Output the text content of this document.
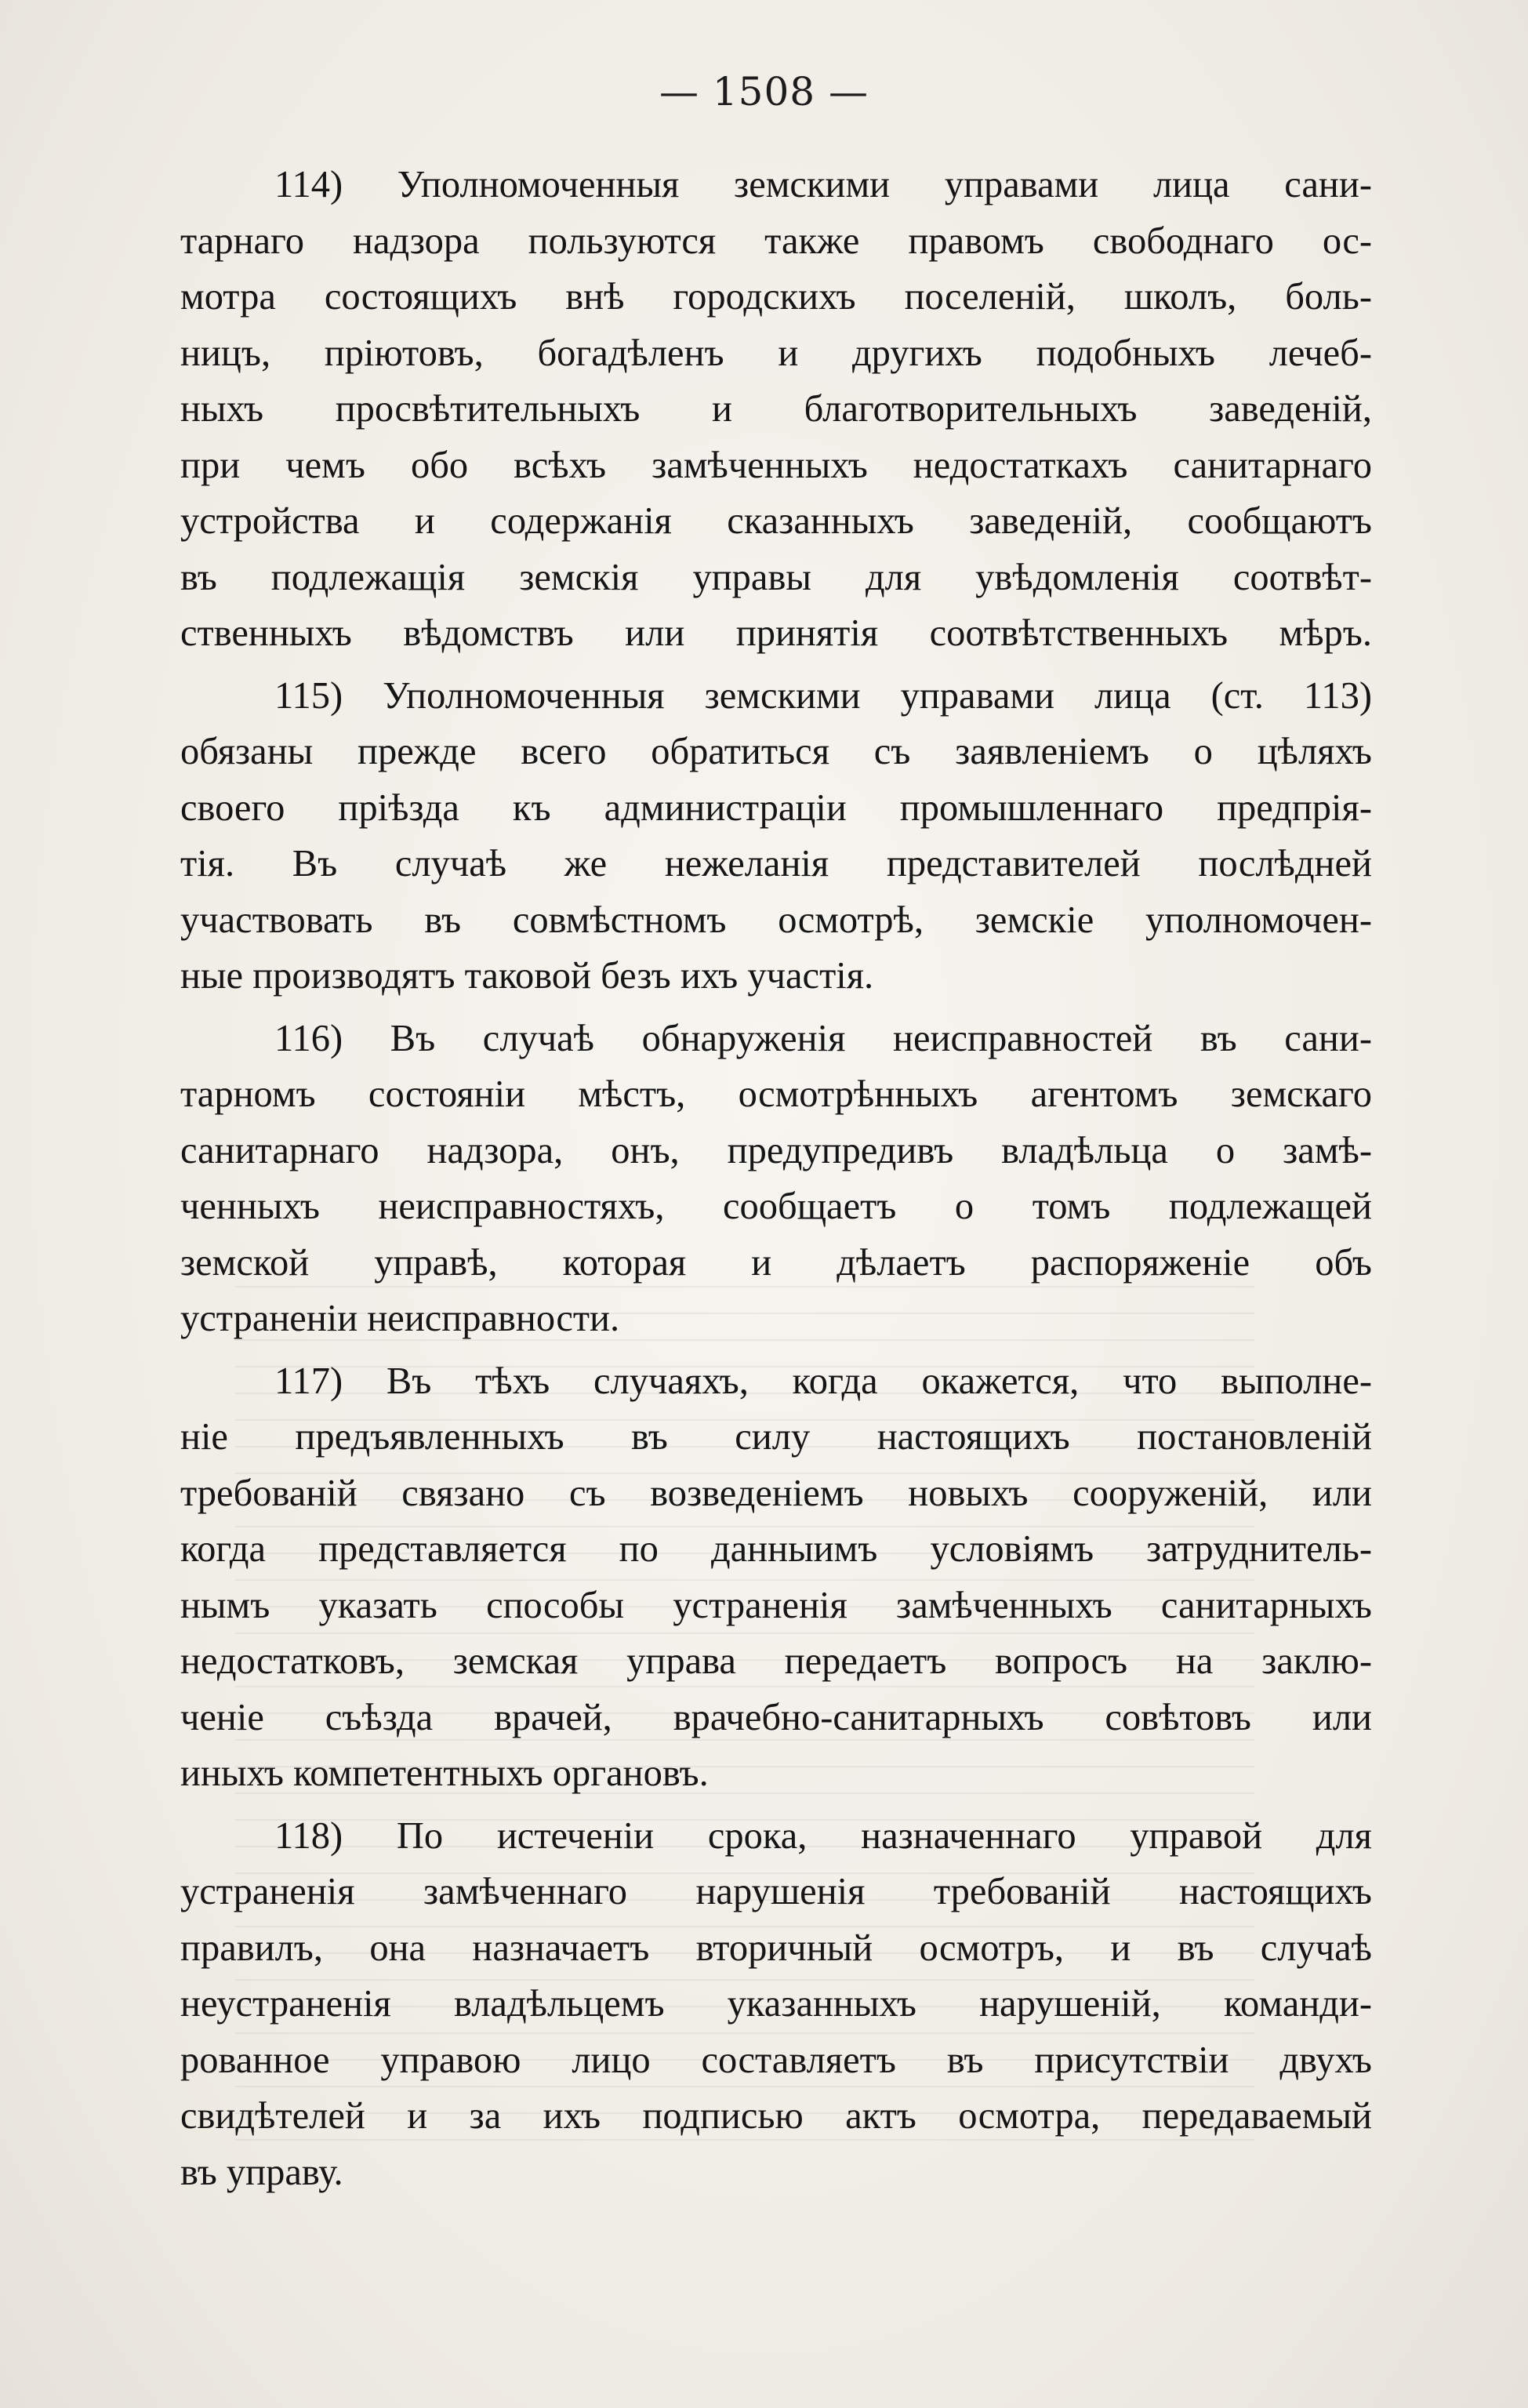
— 1508 —
114) Уполномоченныя земскими управами лица сани-
тарнаго надзора пользуются также правомъ свободнаго ос-
мотра состоящихъ внѣ городскихъ поселеній, школъ, боль-
ницъ, пріютовъ, богадѣленъ и другихъ подобныхъ лечеб-
ныхъ просвѣтительныхъ и благотворительныхъ заведеній,
при чемъ обо всѣхъ замѣченныхъ недостаткахъ санитарнаго
устройства и содержанія сказанныхъ заведеній, сообщаютъ
въ подлежащія земскія управы для увѣдомленія соотвѣт-
ственныхъ вѣдомствъ или принятія соотвѣтственныхъ мѣръ.
115) Уполномоченныя земскими управами лица (ст. 113)
обязаны прежде всего обратиться съ заявленіемъ о цѣляхъ
своего пріѣзда къ администраціи промышленнаго предпрія-
тія. Въ случаѣ же нежеланія представителей послѣдней
участвовать въ совмѣстномъ осмотрѣ, земскіе уполномочен-
ные производятъ таковой безъ ихъ участія.
116) Въ случаѣ обнаруженія неисправностей въ сани-
тарномъ состояніи мѣстъ, осмотрѣнныхъ агентомъ земскаго
санитарнаго надзора, онъ, предупредивъ владѣльца о замѣ-
ченныхъ неисправностяхъ, сообщаетъ о томъ подлежащей
земской управѣ, которая и дѣлаетъ распоряженіе объ
устраненіи неисправности.
117) Въ тѣхъ случаяхъ, когда окажется, что выполне-
ніе предъявленныхъ въ силу настоящихъ постановленій
требованій связано съ возведеніемъ новыхъ сооруженій, или
когда представляется по данныимъ условіямъ затруднитель-
нымъ указать способы устраненія замѣченныхъ санитарныхъ
недостатковъ, земская управа передаетъ вопросъ на заклю-
ченіе съѣзда врачей, врачебно-санитарныхъ совѣтовъ или
иныхъ компетентныхъ органовъ.
118) По истеченіи срока, назначеннаго управой для
устраненія замѣченнаго нарушенія требованій настоящихъ
правилъ, она назначаетъ вторичный осмотръ, и въ случаѣ
неустраненія владѣльцемъ указанныхъ нарушеній, команди-
рованное управою лицо составляетъ въ присутствіи двухъ
свидѣтелей и за ихъ подписью актъ осмотра, передаваемый
въ управу.
